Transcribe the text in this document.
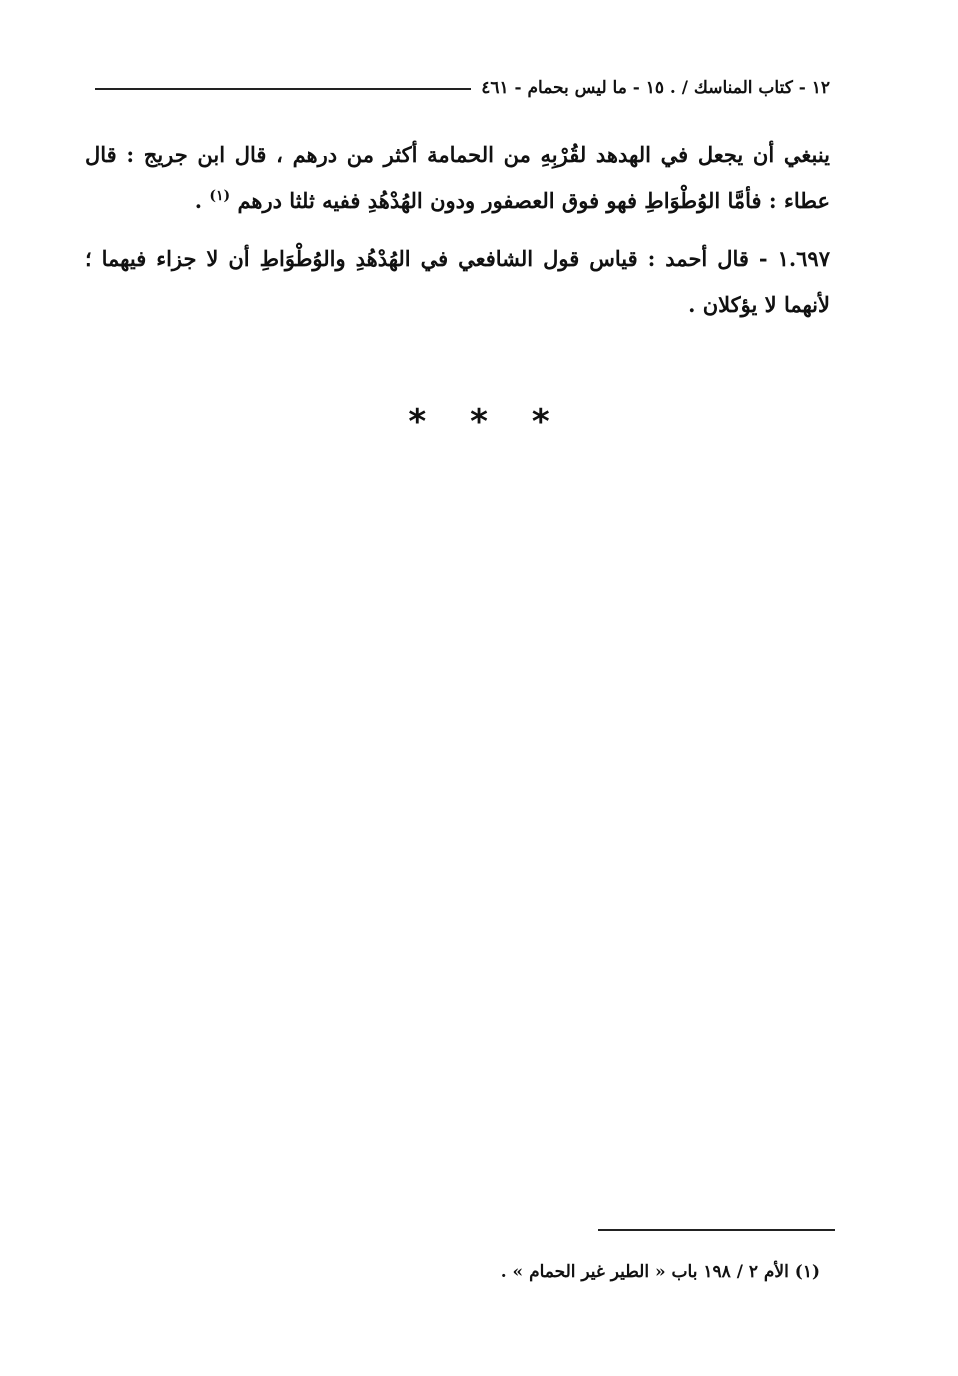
١٢ - كتاب المناسك / . ١٥ - ما ليس بحمام - ٤٦١

ينبغي أن يجعل في الهدهد لقُرْبِهِ من الحمامة أكثر من درهم ، قال ابن جريج : قال عطاء : فأمَّا الوُطْوَاطِ فهو فوق العصفور ودون الهُدْهُدِ ففيه ثلثا درهم $^{(١)}$ .

١.٦٩٧ - قال أحمد : قياس قول الشافعي في الهُدْهُدِ والوُطْوَاطِ أن لا جزاء فيهما ؛ لأنهما لا يؤكلان .

***
(١) الأم ٢ / ١٩٨ باب « الطير غير الحمام » .
